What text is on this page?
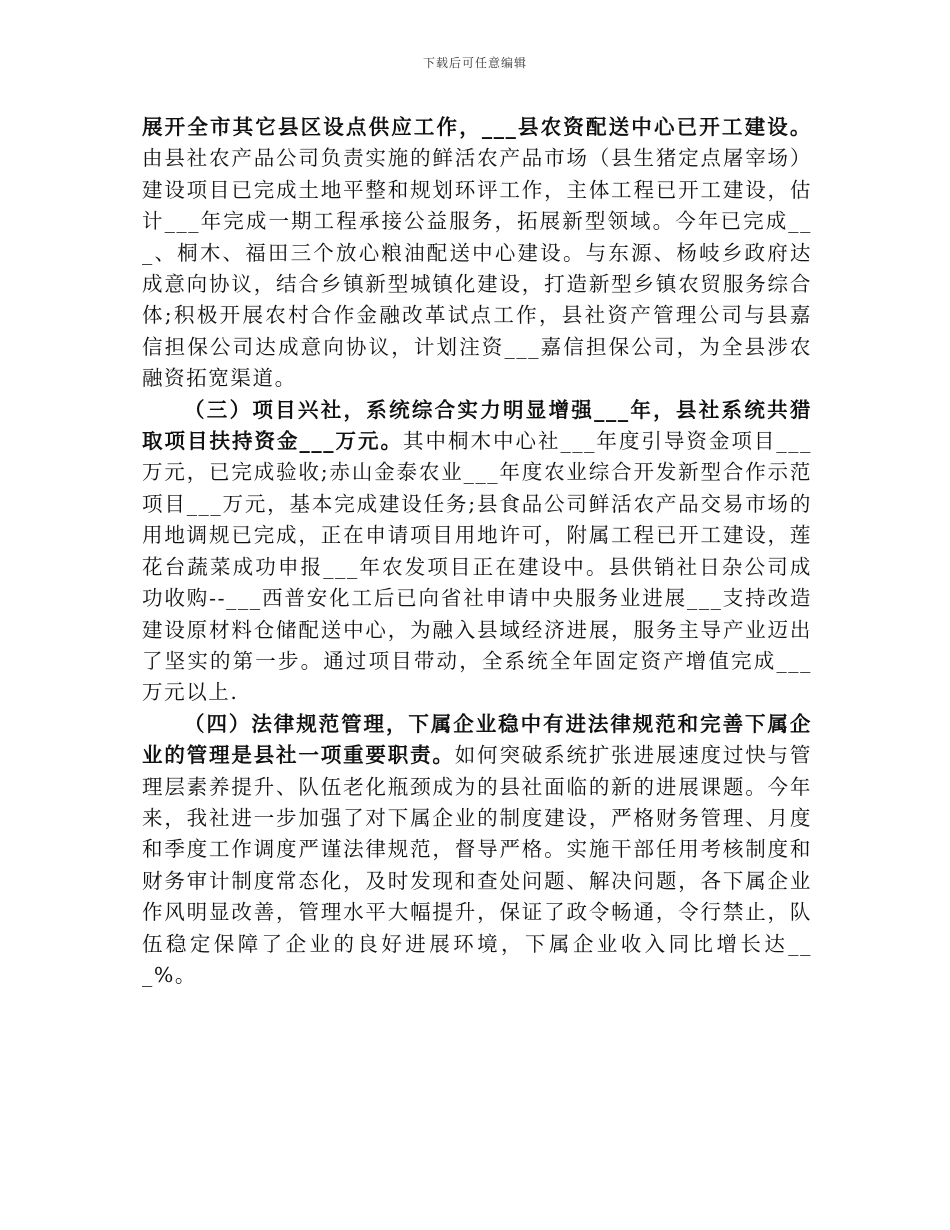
下载后可任意编辑

展开全市其它县区设点供应工作，___县农资配送中心已开工建设。由县社农产品公司负责实施的鲜活农产品市场（县生猪定点屠宰场）建设项目已完成土地平整和规划环评工作，主体工程已开工建设，估计___年完成一期工程承接公益服务，拓展新型领域。今年已完成___、桐木、福田三个放心粮油配送中心建设。与东源、杨岐乡政府达成意向协议，结合乡镇新型城镇化建设，打造新型乡镇农贸服务综合体;积极开展农村合作金融改革试点工作，县社资产管理公司与县嘉信担保公司达成意向协议，计划注资___嘉信担保公司，为全县涉农融资拓宽渠道。

（三）项目兴社，系统综合实力明显增强___年，县社系统共猎取项目扶持资金___万元。其中桐木中心社___年度引导资金项目___万元，已完成验收;赤山金泰农业___年度农业综合开发新型合作示范项目___万元，基本完成建设任务;县食品公司鲜活农产品交易市场的用地调规已完成，正在申请项目用地许可，附属工程已开工建设，莲花台蔬菜成功申报___年农发项目正在建设中。县供销社日杂公司成功收购--___西普安化工后已向省社申请中央服务业进展___支持改造建设原材料仓储配送中心，为融入县域经济进展，服务主导产业迈出了坚实的第一步。通过项目带动，全系统全年固定资产增值完成___万元以上.

（四）法律规范管理，下属企业稳中有进法律规范和完善下属企业的管理是县社一项重要职责。如何突破系统扩张进展速度过快与管理层素养提升、队伍老化瓶颈成为的县社面临的新的进展课题。今年来，我社进一步加强了对下属企业的制度建设，严格财务管理、月度和季度工作调度严谨法律规范，督导严格。实施干部任用考核制度和财务审计制度常态化，及时发现和查处问题、解决问题，各下属企业作风明显改善，管理水平大幅提升，保证了政令畅通，令行禁止，队伍稳定保障了企业的良好进展环境，下属企业收入同比增长达___%。
